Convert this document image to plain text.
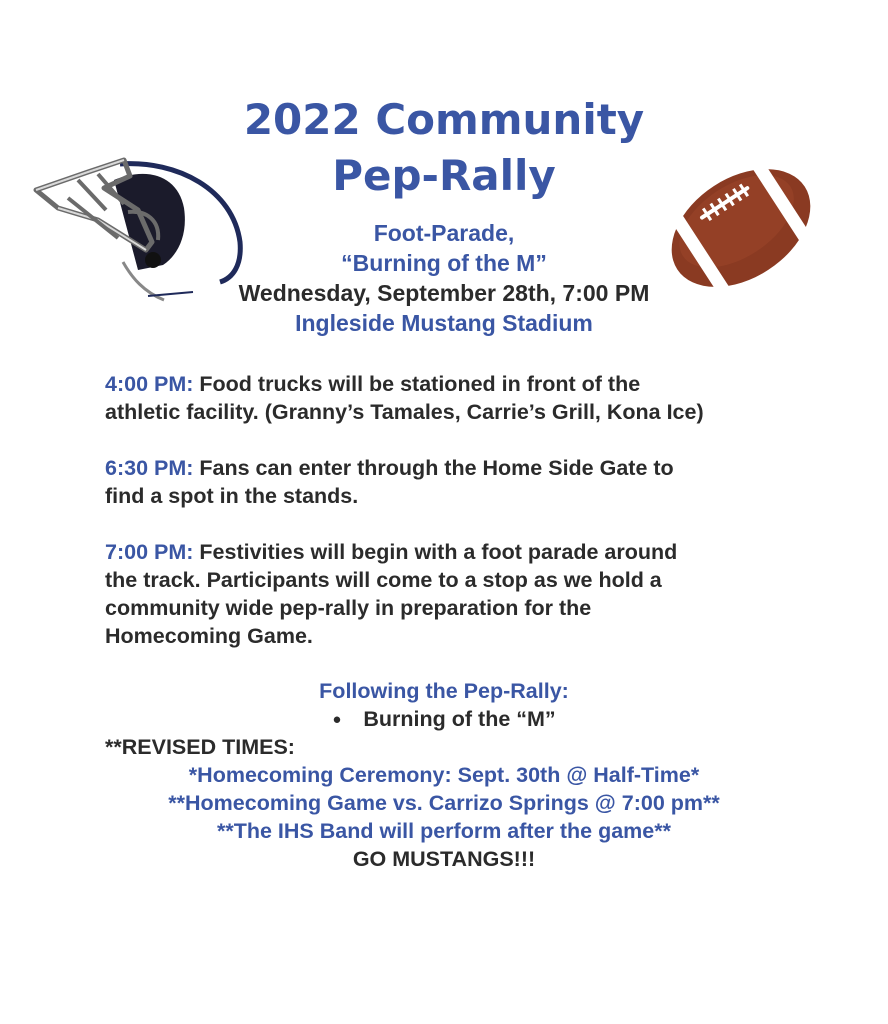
2022 Community
Pep-Rally
Foot-Parade,
“Burning of the M”
Wednesday, September 28th, 7:00 PM
Ingleside Mustang Stadium
4:00 PM: Food trucks will be stationed in front of the
athletic facility. (Granny’s Tamales, Carrie’s Grill, Kona Ice)
6:30 PM: Fans can enter through the Home Side Gate to
find a spot in the stands.
7:00 PM: Festivities will begin with a foot parade around
the track. Participants will come to a stop as we hold a
community wide pep-rally in preparation for the
Homecoming Game.
Following the Pep-Rally:
● Burning of the “M”
**REVISED TIMES:
*Homecoming Ceremony: Sept. 30th @ Half-Time*
**Homecoming Game vs. Carrizo Springs @ 7:00 pm**
**The IHS Band will perform after the game**
GO MUSTANGS!!!
